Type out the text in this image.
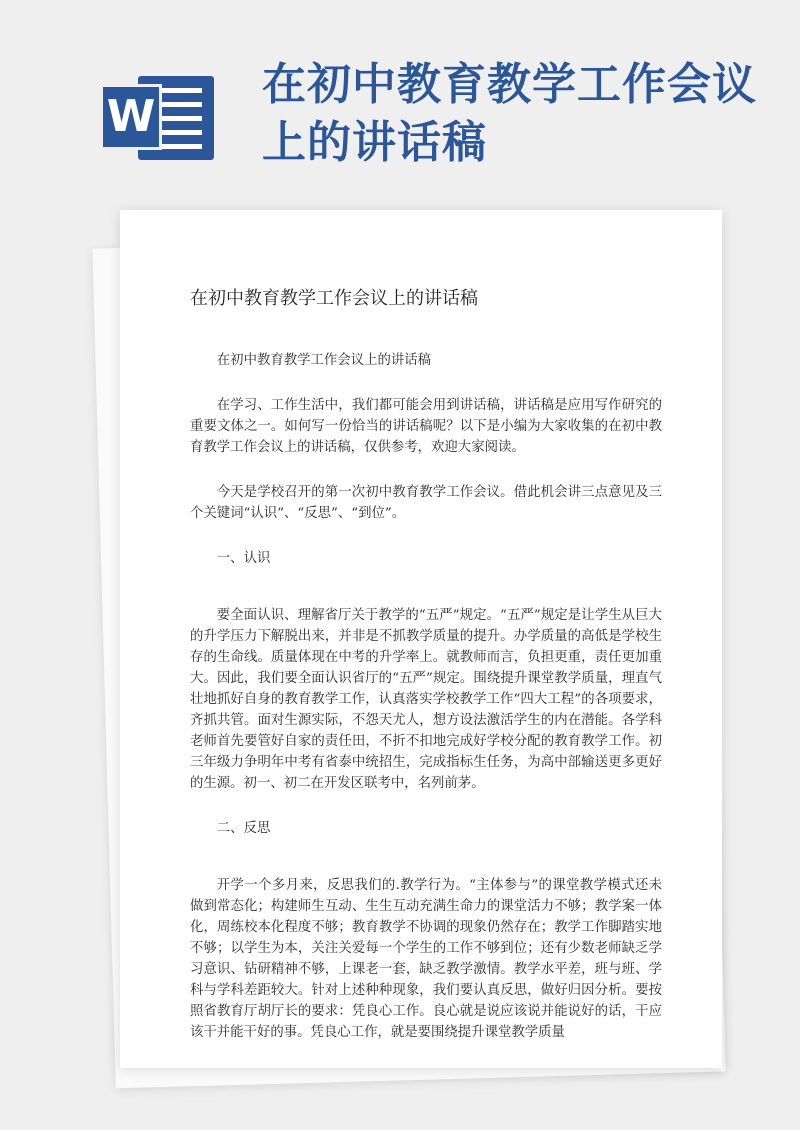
W
在初中教育教学工作会议上的讲话稿
在初中教育教学工作会议上的讲话稿

在初中教育教学工作会议上的讲话稿

在学习、工作生活中，我们都可能会用到讲话稿，讲话稿是应用写作研究的重要文体之一。如何写一份恰当的讲话稿呢？以下是小编为大家收集的在初中教育教学工作会议上的讲话稿，仅供参考，欢迎大家阅读。

今天是学校召开的第一次初中教育教学工作会议。借此机会讲三点意见及三个关键词“认识”、“反思”、“到位”。

一、认识

要全面认识、理解省厅关于教学的“五严”规定。“五严”规定是让学生从巨大的升学压力下解脱出来，并非是不抓教学质量的提升。办学质量的高低是学校生存的生命线。质量体现在中考的升学率上。就教师而言，负担更重，责任更加重大。因此，我们要全面认识省厅的“五严”规定。围绕提升课堂教学质量，理直气壮地抓好自身的教育教学工作，认真落实学校教学工作“四大工程”的各项要求，齐抓共管。面对生源实际，不怨天尤人，想方设法激活学生的内在潜能。各学科老师首先要管好自家的责任田，不折不扣地完成好学校分配的教育教学工作。初三年级力争明年中考有省泰中统招生，完成指标生任务，为高中部输送更多更好的生源。初一、初二在开发区联考中，名列前茅。

二、反思

开学一个多月来，反思我们的.教学行为。“主体参与”的课堂教学模式还未做到常态化；构建师生互动、生生互动充满生命力的课堂活力不够；教学案一体化，周练校本化程度不够；教育教学不协调的现象仍然存在；教学工作脚踏实地不够；以学生为本，关注关爱每一个学生的工作不够到位；还有少数老师缺乏学习意识、钻研精神不够，上课老一套，缺乏教学激情。教学水平差，班与班、学科与学科差距较大。针对上述种种现象，我们要认真反思，做好归因分析。要按照省教育厅胡厅长的要求：凭良心工作。良心就是说应该说并能说好的话，干应该干并能干好的事。凭良心工作，就是要围绕提升课堂教学质量
